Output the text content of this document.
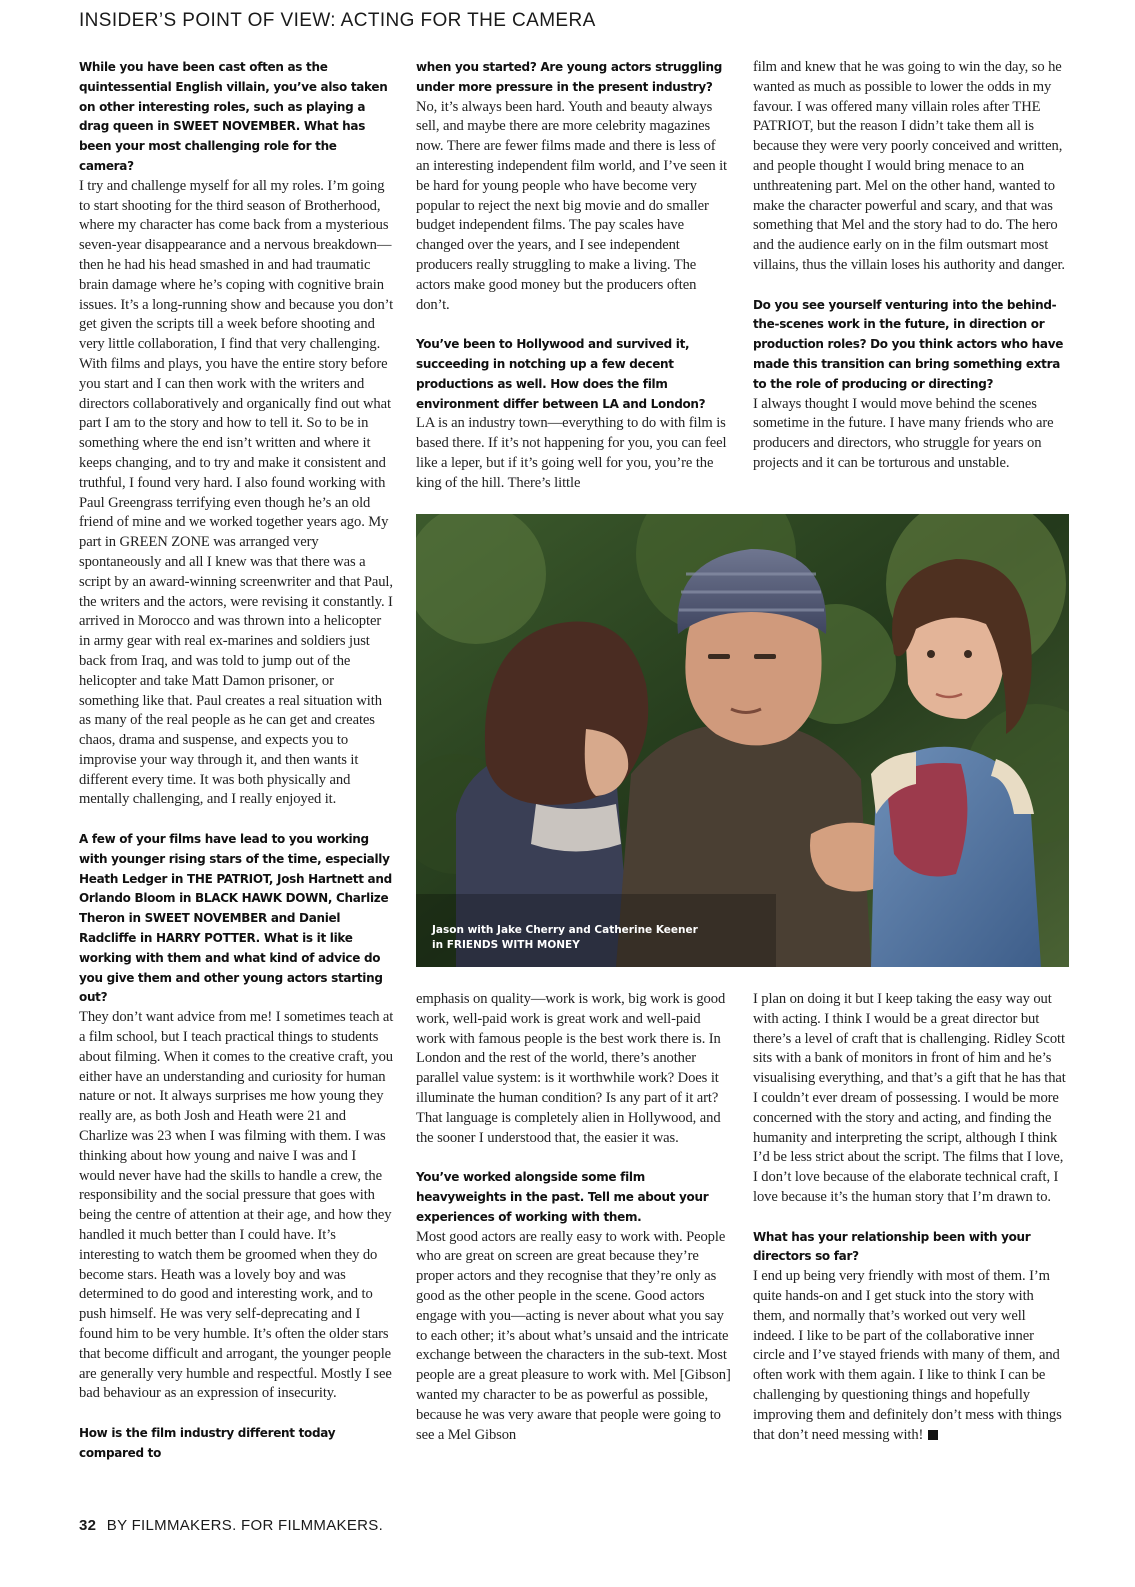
INSIDER’S POINT OF VIEW: ACTING FOR THE CAMERA

While you have been cast often as the quintessential English villain, you’ve also taken on other interesting roles, such as playing a drag queen in SWEET NOVEMBER. What has been your most challenging role for the camera?

I try and challenge myself for all my roles. I’m going to start shooting for the third season of Brotherhood, where my character has come back from a mysterious seven-year disappearance and a nervous breakdown—then he had his head smashed in and had traumatic brain damage where he’s coping with cognitive brain issues. It’s a long-running show and because you don’t get given the scripts till a week before shooting and very little collaboration, I find that very challenging. With films and plays, you have the entire story before you start and I can then work with the writers and directors collaboratively and organically find out what part I am to the story and how to tell it. So to be in something where the end isn’t written and where it keeps changing, and to try and make it consistent and truthful, I found very hard. I also found working with Paul Greengrass terrifying even though he’s an old friend of mine and we worked together years ago. My part in GREEN ZONE was arranged very spontaneously and all I knew was that there was a script by an award-winning screenwriter and that Paul, the writers and the actors, were revising it constantly. I arrived in Morocco and was thrown into a helicopter in army gear with real ex-marines and soldiers just back from Iraq, and was told to jump out of the helicopter and take Matt Damon prisoner, or something like that. Paul creates a real situation with as many of the real people as he can get and creates chaos, drama and suspense, and expects you to improvise your way through it, and then wants it different every time. It was both physically and mentally challenging, and I really enjoyed it.

A few of your films have lead to you working with younger rising stars of the time, especially Heath Ledger in THE PATRIOT, Josh Hartnett and Orlando Bloom in BLACK HAWK DOWN, Charlize Theron in SWEET NOVEMBER and Daniel Radcliffe in HARRY POTTER. What is it like working with them and what kind of advice do you give them and other young actors starting out?

They don’t want advice from me! I sometimes teach at a film school, but I teach practical things to students about filming. When it comes to the creative craft, you either have an understanding and curiosity for human nature or not. It always surprises me how young they really are, as both Josh and Heath were 21 and Charlize was 23 when I was filming with them. I was thinking about how young and naive I was and I would never have had the skills to handle a crew, the responsibility and the social pressure that goes with being the centre of attention at their age, and how they handled it much better than I could have. It’s interesting to watch them be groomed when they do become stars. Heath was a lovely boy and was determined to do good and interesting work, and to push himself. He was very self-deprecating and I found him to be very humble. It’s often the older stars that become difficult and arrogant, the younger people are generally very humble and respectful. Mostly I see bad behaviour as an expression of insecurity.

How is the film industry different today compared to

when you started? Are young actors struggling under more pressure in the present industry?

No, it’s always been hard. Youth and beauty always sell, and maybe there are more celebrity magazines now. There are fewer films made and there is less of an interesting independent film world, and I’ve seen it be hard for young people who have become very popular to reject the next big movie and do smaller budget independent films. The pay scales have changed over the years, and I see independent producers really struggling to make a living. The actors make good money but the producers often don’t.

You’ve been to Hollywood and survived it, succeeding in notching up a few decent productions as well. How does the film environment differ between LA and London?

LA is an industry town—everything to do with film is based there. If it’s not happening for you, you can feel like a leper, but if it’s going well for you, you’re the king of the hill. There’s little

film and knew that he was going to win the day, so he wanted as much as possible to lower the odds in my favour. I was offered many villain roles after THE PATRIOT, but the reason I didn’t take them all is because they were very poorly conceived and written, and people thought I would bring menace to an unthreatening part. Mel on the other hand, wanted to make the character powerful and scary, and that was something that Mel and the story had to do. The hero and the audience early on in the film outsmart most villains, thus the villain loses his authority and danger.

Do you see yourself venturing into the behind-the-scenes work in the future, in direction or production roles? Do you think actors who have made this transition can bring something extra to the role of producing or directing?

I always thought I would move behind the scenes sometime in the future. I have many friends who are producers and directors, who struggle for years on projects and it can be torturous and unstable.

Jason with Jake Cherry and Catherine Keener
in FRIENDS WITH MONEY

emphasis on quality—work is work, big work is good work, well-paid work is great work and well-paid work with famous people is the best work there is. In London and the rest of the world, there’s another parallel value system: is it worthwhile work? Does it illuminate the human condition? Is any part of it art? That language is completely alien in Hollywood, and the sooner I understood that, the easier it was.

You’ve worked alongside some film heavyweights in the past. Tell me about your experiences of working with them.

Most good actors are really easy to work with. People who are great on screen are great because they’re proper actors and they recognise that they’re only as good as the other people in the scene. Good actors engage with you—acting is never about what you say to each other; it’s about what’s unsaid and the intricate exchange between the characters in the sub-text. Most people are a great pleasure to work with. Mel [Gibson] wanted my character to be as powerful as possible, because he was very aware that people were going to see a Mel Gibson

I plan on doing it but I keep taking the easy way out with acting. I think I would be a great director but there’s a level of craft that is challenging. Ridley Scott sits with a bank of monitors in front of him and he’s visualising everything, and that’s a gift that he has that I couldn’t ever dream of possessing. I would be more concerned with the story and acting, and finding the humanity and interpreting the script, although I think I’d be less strict about the script. The films that I love, I don’t love because of the elaborate technical craft, I love because it’s the human story that I’m drawn to.

What has your relationship been with your directors so far?

I end up being very friendly with most of them. I’m quite hands-on and I get stuck into the story with them, and normally that’s worked out very well indeed. I like to be part of the collaborative inner circle and I’ve stayed friends with many of them, and often work with them again. I like to think I can be challenging by questioning things and hopefully improving them and definitely don’t mess with things that don’t need messing with!

32 BY FILMMAKERS. FOR FILMMAKERS.
